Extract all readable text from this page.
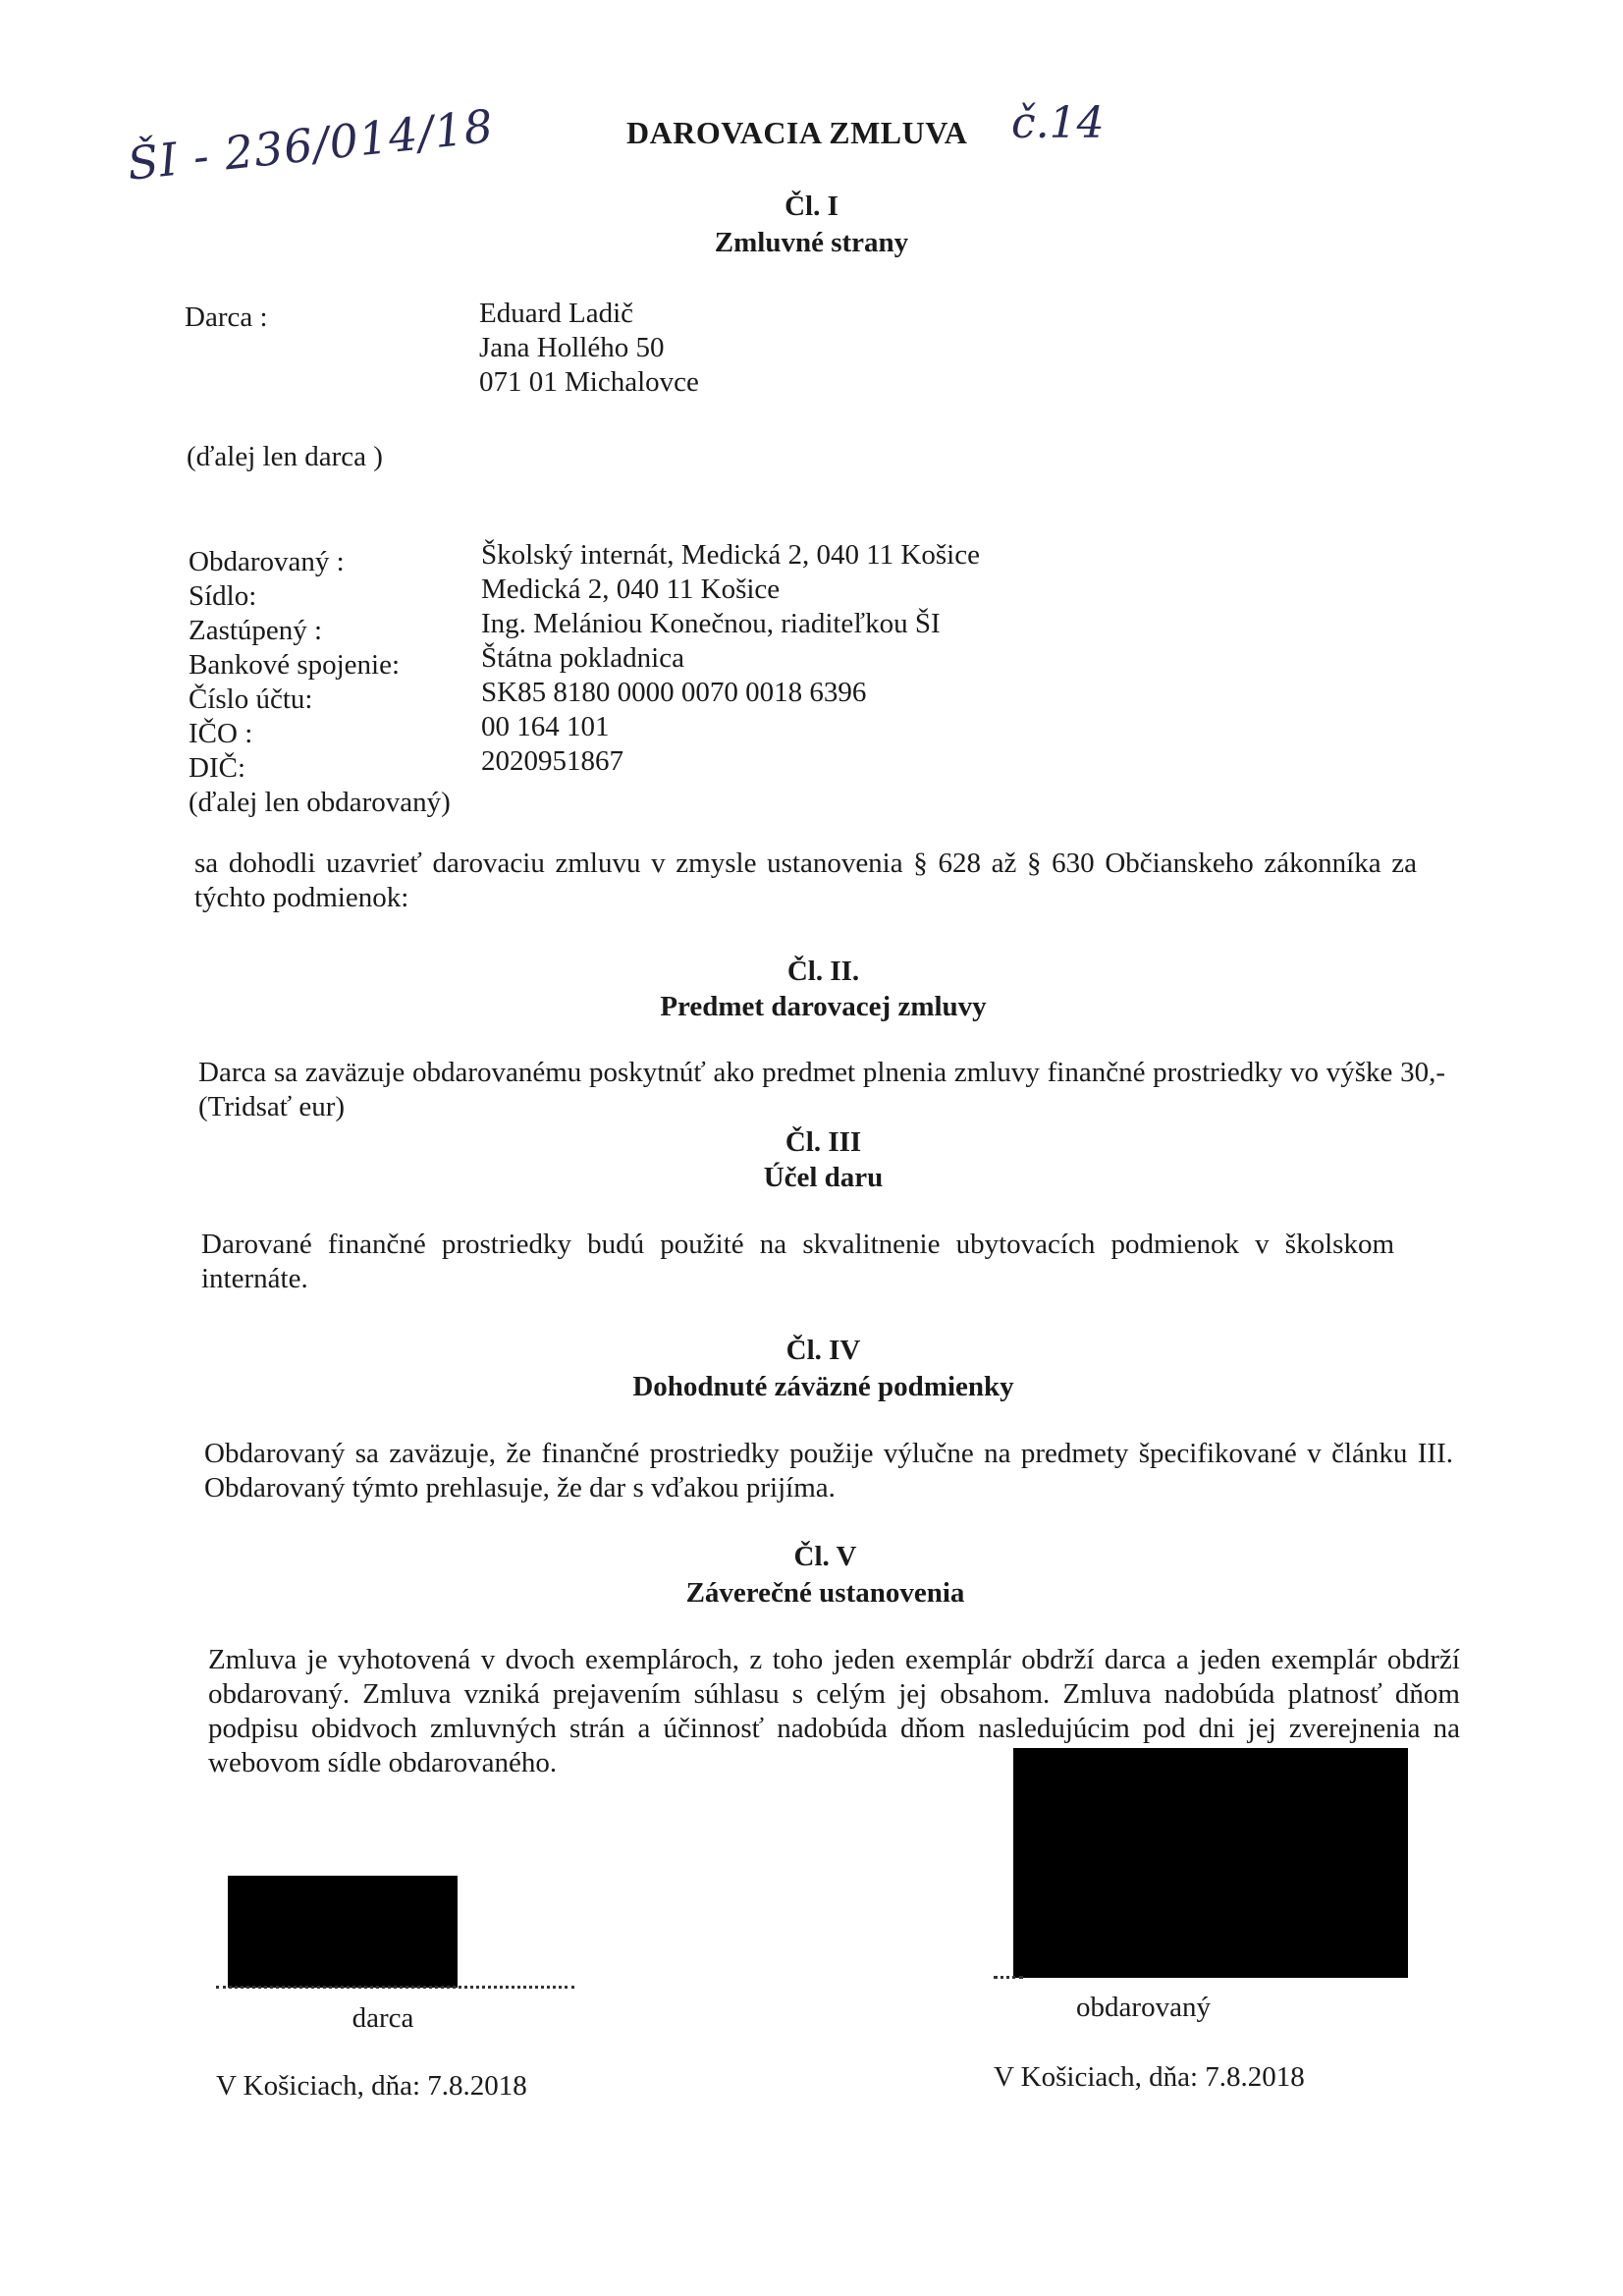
ŠI - 236/014/18	DAROVACIA ZMLUVA č.14
Čl. I
Zmluvné strany
Darca :	Eduard Ladič
Jana Hollého 50
071 01 Michalovce
(ďalej len darca )
Obdarovaný :	Školský internát, Medická 2, 040 11 Košice
Sídlo:	Medická 2, 040 11 Košice
Zastúpený :	Ing. Melániou Konečnou, riaditeľkou ŠI
Bankové spojenie:	Štátna pokladnica
Číslo účtu:	SK85 8180 0000 0070 0018 6396
IČO :	00 164 101
DIČ:	2020951867
(ďalej len obdarovaný)
sa dohodli uzavrieť darovaciu zmluvu v zmysle ustanovenia § 628 až § 630 Občianskeho zákonníka za týchto podmienok:
Čl. II.
Predmet darovacej zmluvy
Darca sa zaväzuje obdarovanému poskytnúť ako predmet plnenia zmluvy finančné prostriedky vo výške 30,- (Tridsať eur)
Čl. III
Účel daru
Darované finančné prostriedky budú použité na skvalitnenie ubytovacích podmienok v školskom internáte.
Čl. IV
Dohodnuté záväzné podmienky
Obdarovaný sa zaväzuje, že finančné prostriedky použije výlučne na predmety špecifikované v článku III. Obdarovaný týmto prehlasuje, že dar s vďakou prijíma.
Čl. V
Záverečné ustanovenia
Zmluva je vyhotovená v dvoch exemplároch, z toho jeden exemplár obdrží darca a jeden exemplár obdrží obdarovaný. Zmluva vzniká prejavením súhlasu s celým jej obsahom. Zmluva nadobúda platnosť dňom podpisu obidvoch zmluvných strán a účinnosť nadobúda dňom nasledujúcim pod dni jej zverejnenia na webovom sídle obdarovaného.
darca	obdarovaný
V Košiciach, dňa: 7.8.2018	V Košiciach, dňa: 7.8.2018
